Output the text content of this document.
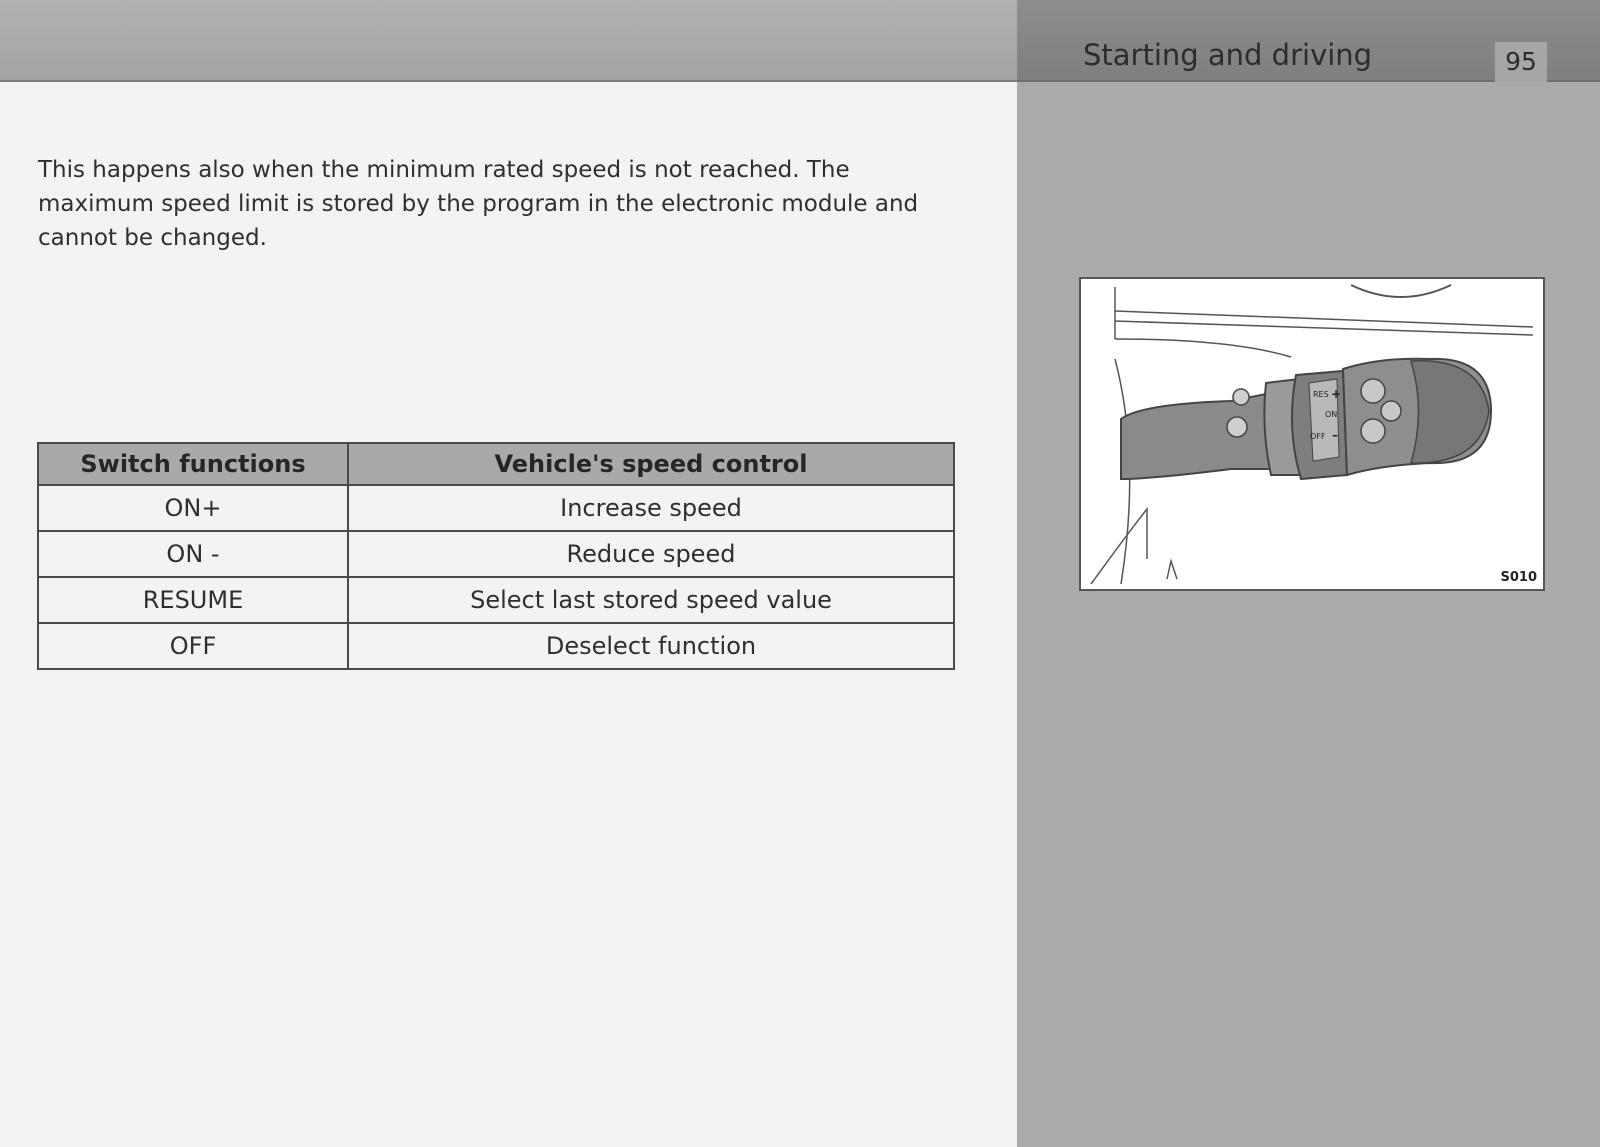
Starting and driving	95

This happens also when the minimum rated speed is not reached. The maximum speed limit is stored by the program in the electronic module and cannot be changed.

Switch functions	Vehicle's speed control
ON+	Increase speed
ON -	Reduce speed
RESUME	Select last stored speed value
OFF	Deselect function
RES +
ON
OFF –
S010
